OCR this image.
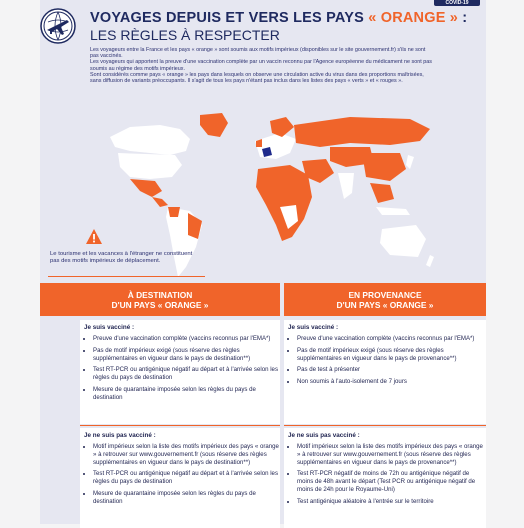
COVID-19
VOYAGES DEPUIS ET VERS LES PAYS « ORANGE » :
LES RÈGLES À RESPECTER

Les voyageurs entre la France et les pays « orange » sont soumis aux motifs impérieux (disponibles sur le site gouvernement.fr) s'ils ne sont pas vaccinés.

Les voyageurs qui apportent la preuve d'une vaccination complète par un vaccin reconnu par l'Agence européenne du médicament ne sont pas soumis au régime des motifs impérieux.

Sont considérés comme pays « orange » les pays dans lesquels on observe une circulation active du virus dans des proportions maîtrisées, sans diffusion de variants préoccupants. Il s'agit de tous les pays n'étant pas inclus dans les listes des pays « verts » et « rouges ».

Le tourisme et les vacances à l'étranger ne constituent pas des motifs impérieux de déplacement.
À DESTINATION
D'UN PAYS « ORANGE »
EN PROVENANCE
D'UN PAYS « ORANGE »
Je suis vacciné :
• Preuve d'une vaccination complète (vaccins reconnus par l'EMA*)
• Pas de motif impérieux exigé (sous réserve des règles supplémentaires en vigueur dans le pays de destination**)
• Test RT-PCR ou antigénique négatif au départ et à l'arrivée selon les règles du pays de destination
• Mesure de quarantaine imposée selon les règles du pays de destination
Je suis vacciné :
• Preuve d'une vaccination complète (vaccins reconnus par l'EMA*)
• Pas de motif impérieux exigé (sous réserve des règles supplémentaires en vigueur dans le pays de provenance**)
• Pas de test à présenter
• Non soumis à l'auto-isolement de 7 jours
Je ne suis pas vacciné :
• Motif impérieux selon la liste des motifs impérieux des pays « orange » à retrouver sur www.gouvernement.fr (sous réserve des règles supplémentaires en vigueur dans le pays de destination**)
• Test RT-PCR ou antigénique négatif au départ et à l'arrivée selon les règles du pays de destination
• Mesure de quarantaine imposée selon les règles du pays de destination
Je ne suis pas vacciné :
• Motif impérieux selon la liste des motifs impérieux des pays « orange » à retrouver sur www.gouvernement.fr (sous réserve des règles supplémentaires en vigueur dans le pays de provenance**)
• Test RT-PCR négatif de moins de 72h ou antigénique négatif de moins de 48h avant le départ (Test PCR ou antigénique négatif de moins de 24h pour le Royaume-Uni)
• Test antigénique aléatoire à l'entrée sur le territoire
